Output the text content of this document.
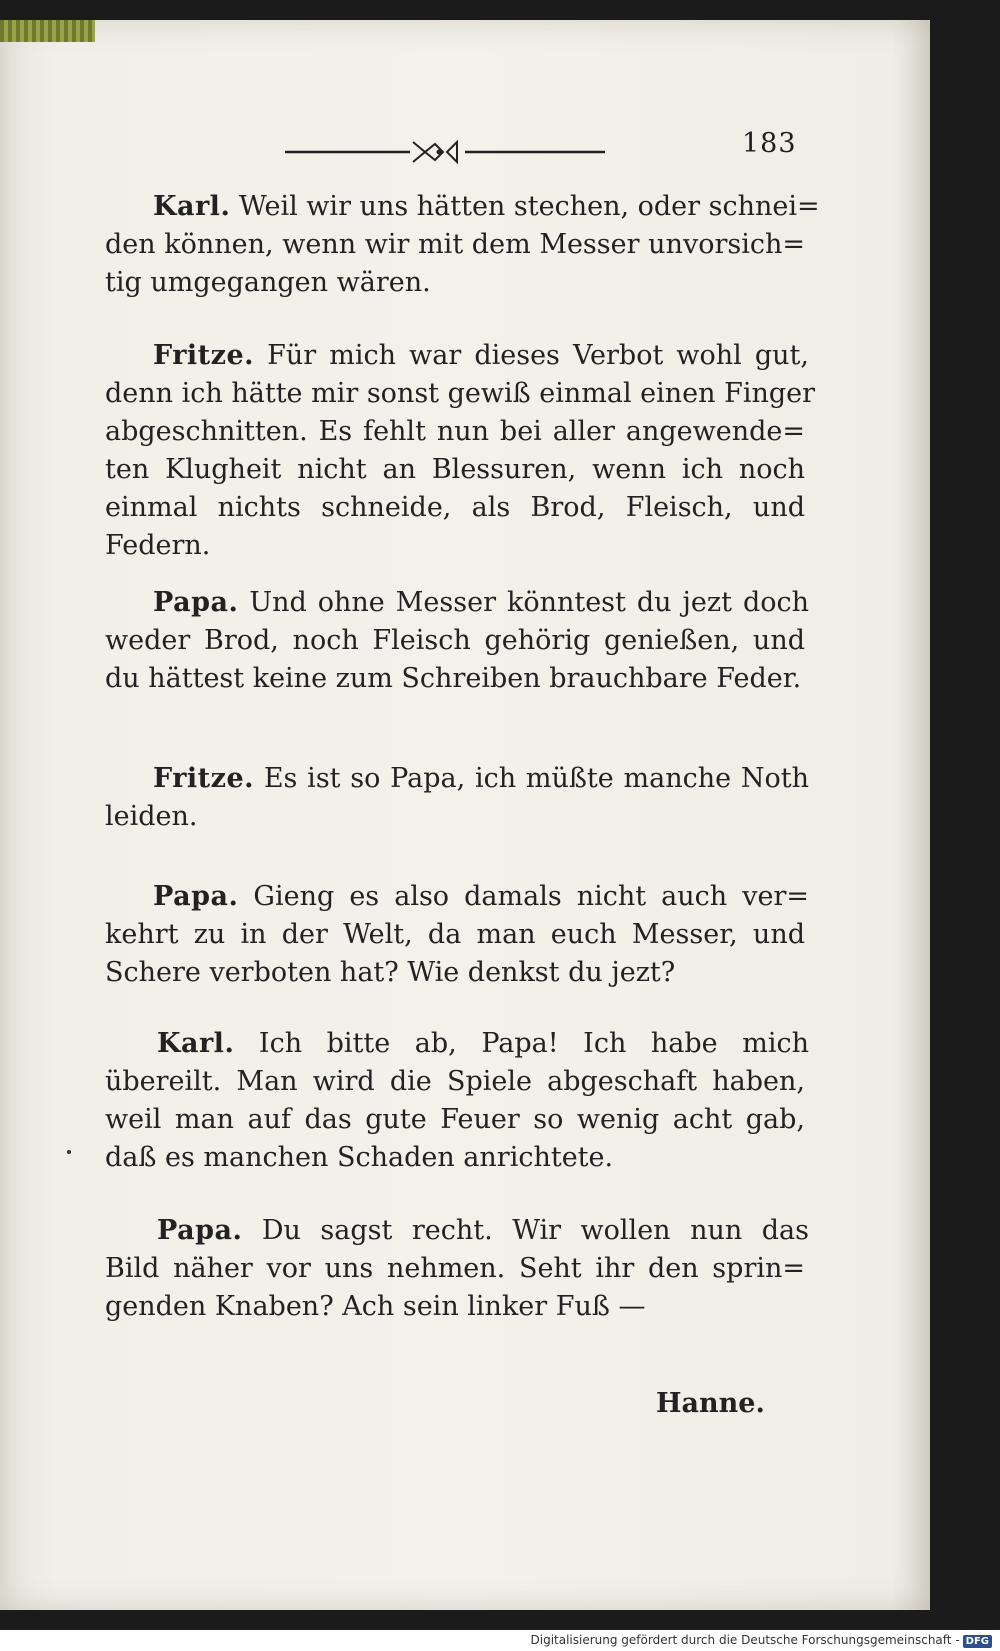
183
Karl. Weil wir uns hätten stechen, oder schnei=
den können, wenn wir mit dem Messer unvorsich=
tig umgegangen wären.
Fritze. Für mich war dieses Verbot wohl gut,
denn ich hätte mir sonst gewiß einmal einen Finger
abgeschnitten. Es fehlt nun bei aller angewende=
ten Klugheit nicht an Blessuren, wenn ich noch
einmal nichts schneide, als Brod, Fleisch, und
Federn.
Papa. Und ohne Messer könntest du jezt doch
weder Brod, noch Fleisch gehörig genießen, und
du hättest keine zum Schreiben brauchbare Feder.
Fritze. Es ist so Papa, ich müßte manche Noth
leiden.
Papa. Gieng es also damals nicht auch ver=
kehrt zu in der Welt, da man euch Messer, und
Schere verboten hat? Wie denkst du jezt?
Karl. Ich bitte ab, Papa! Ich habe mich
übereilt. Man wird die Spiele abgeschaft haben,
weil man auf das gute Feuer so wenig acht gab,
daß es manchen Schaden anrichtete.
Papa. Du sagst recht. Wir wollen nun das
Bild näher vor uns nehmen. Seht ihr den sprin=
genden Knaben? Ach sein linker Fuß —
Hanne.
Digitalisierung gefördert durch die Deutsche Forschungsgemeinschaft - DFG
